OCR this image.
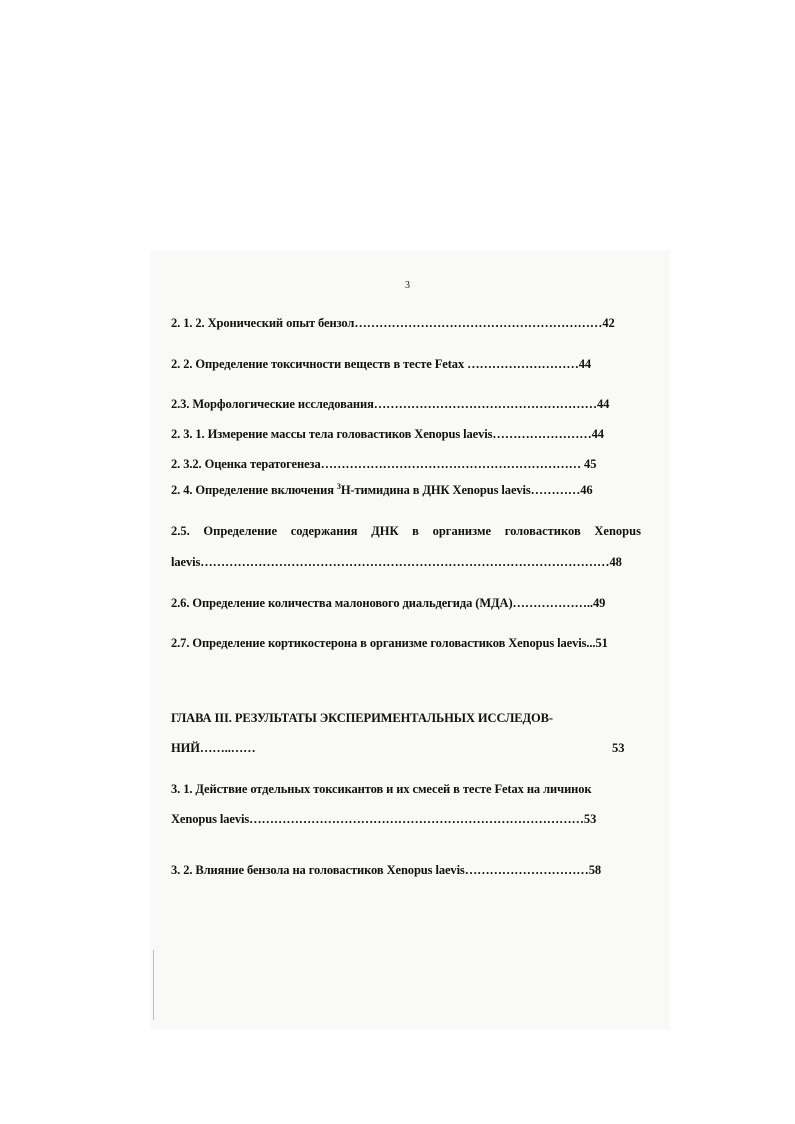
3
2. 1. 2. Хронический опыт бензол……………………………………………………42
2. 2. Определение токсичности веществ в тесте Fetax ………………………44
2.3. Морфологические исследования………………………………………………44
2. 3. 1. Измерение массы тела головастиков Xenopus laevis……………………44
2. 3.2. Оценка тератогенеза……………………………………………………… 45
2. 4. Определение включения $^3$Н-тимидина в ДНК Xenopus laevis…………46
2.5. Определение содержания ДНК в организме головастиков Xenopus
laevis………………………………………………………………………………………48
2.6. Определение количества малонового диальдегида (МДА)………………..49
2.7. Определение кортикостерона в организме головастиков Xenopus laevis...51
ГЛАВА III. РЕЗУЛЬТАТЫ ЭКСПЕРИМЕНТАЛЬНЫХ ИССЛЕДОВ-
НИЙ……..……	53
3. 1. Действие отдельных токсикантов и их смесей в тесте Fetax на личинок
Xenopus laevis………………………………………………………………………53
3. 2. Влияние бензола на головастиков Xenopus laevis…………………………58
